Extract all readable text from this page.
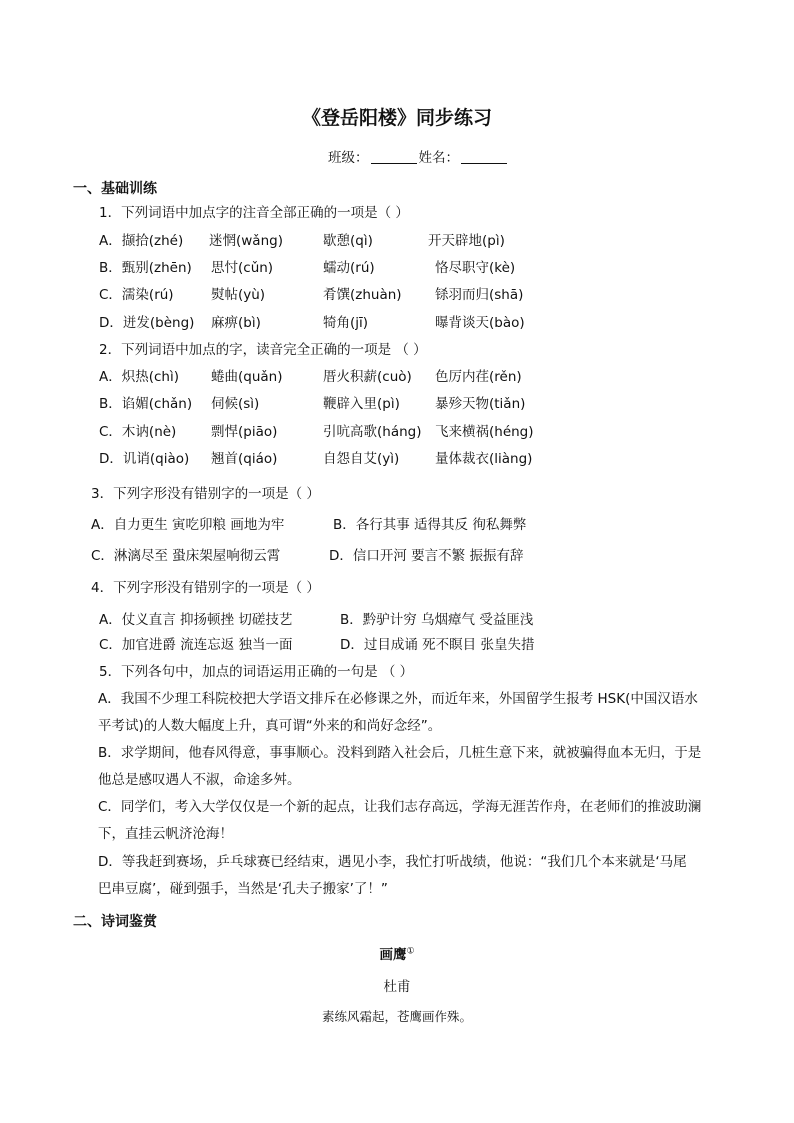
《登岳阳楼》同步练习
班级：	姓名：
一、基础训练
1．下列词语中加点字的注音全部正确的一项是（ ）
A．撷拾(zhé) 迷惘(wǎng)	歇憩(qì)	开天辟地(pì)
B．甄别(zhēn) 思忖(cǔn)	蠕动(rú)	恪尽职守(kè)
C．濡染(rú)	熨帖(yù)	肴馔(zhuàn) 铩羽而归(shā)
D．迸发(bèng) 麻痹(bì)	犄角(jī)	曝背谈天(bào)
2．下列词语中加点的字，读音完全正确的一项是 （ ）
A．炽热(chì) 蜷曲(quǎn)	厝火积薪(cuò) 色厉内荏(rěn)
B．谄媚(chǎn) 伺候(sì)	鞭辟入里(pì)	暴殄天物(tiǎn)
C．木讷(nè)	剽悍(piāo)	引吭高歌(háng) 飞来横祸(héng)
D．讥诮(qiào) 翘首(qiáo)	自怨自艾(yì)	量体裁衣(liàng)
3．下列字形没有错别字的一项是（ ）
A．自力更生 寅吃卯粮 画地为牢	B．各行其事 适得其反 徇私舞弊
C．淋漓尽至 蛩床架屋响彻云霄	D．信口开河 要言不繁 振振有辞
4．下列字形没有错别字的一项是（ ）
A．仗义直言 抑扬顿挫 切磋技艺	B．黔驴计穷 乌烟瘴气 受益匪浅
C．加官进爵 流连忘返 独当一面	D．过目成诵 死不瞑目 张皇失措
5．下列各句中，加点的词语运用正确的一句是 （ ）
A．我国不少理工科院校把大学语文排斥在必修课之外，而近年来，外国留学生报考 HSK(中国汉语水
平考试)的人数大幅度上升，真可谓“外来的和尚好念经”。
B．求学期间，他春风得意，事事顺心。没料到踏入社会后，几桩生意下来，就被骗得血本无归，于是
他总是感叹遇人不淑，命途多舛。
C．同学们，考入大学仅仅是一个新的起点，让我们志存高远，学海无涯苦作舟，在老师们的推波助澜
下，直挂云帆济沧海！
D．等我赶到赛场，乒乓球赛已经结束，遇见小李，我忙打听战绩，他说：“我们几个本来就是‘马尾
巴串豆腐’，碰到强手，当然是‘孔夫子搬家’了！”
二、诗词鉴赏
画鹰①
杜甫
素练风霜起，苍鹰画作殊。
